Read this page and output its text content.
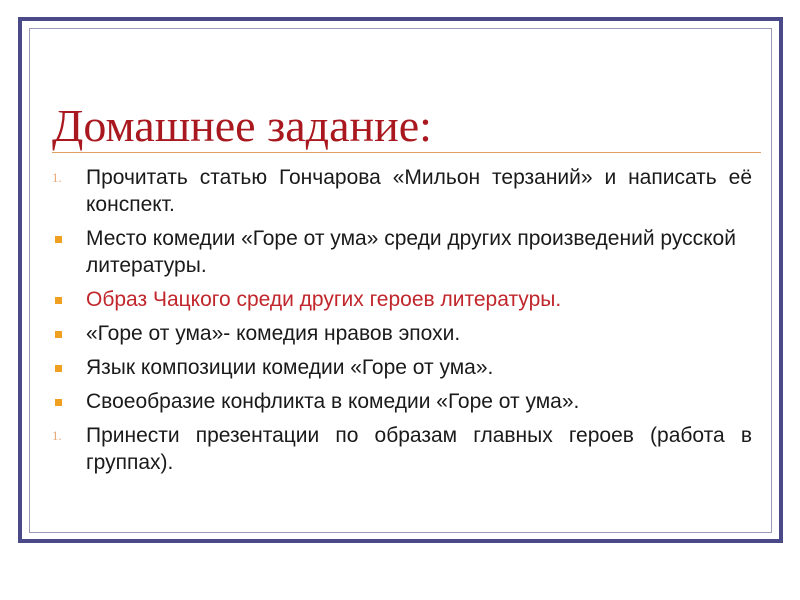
Домашнее задание:
1. Прочитать статью Гончарова «Мильон терзаний» и написать её конспект.
Место комедии «Горе от ума» среди других произведений русской литературы.
Образ Чацкого среди других героев литературы.
«Горе от ума»- комедия нравов эпохи.
Язык композиции комедии «Горе от ума».
Своеобразие конфликта в комедии «Горе от ума».
1. Принести презентации по образам главных героев (работа в группах).
